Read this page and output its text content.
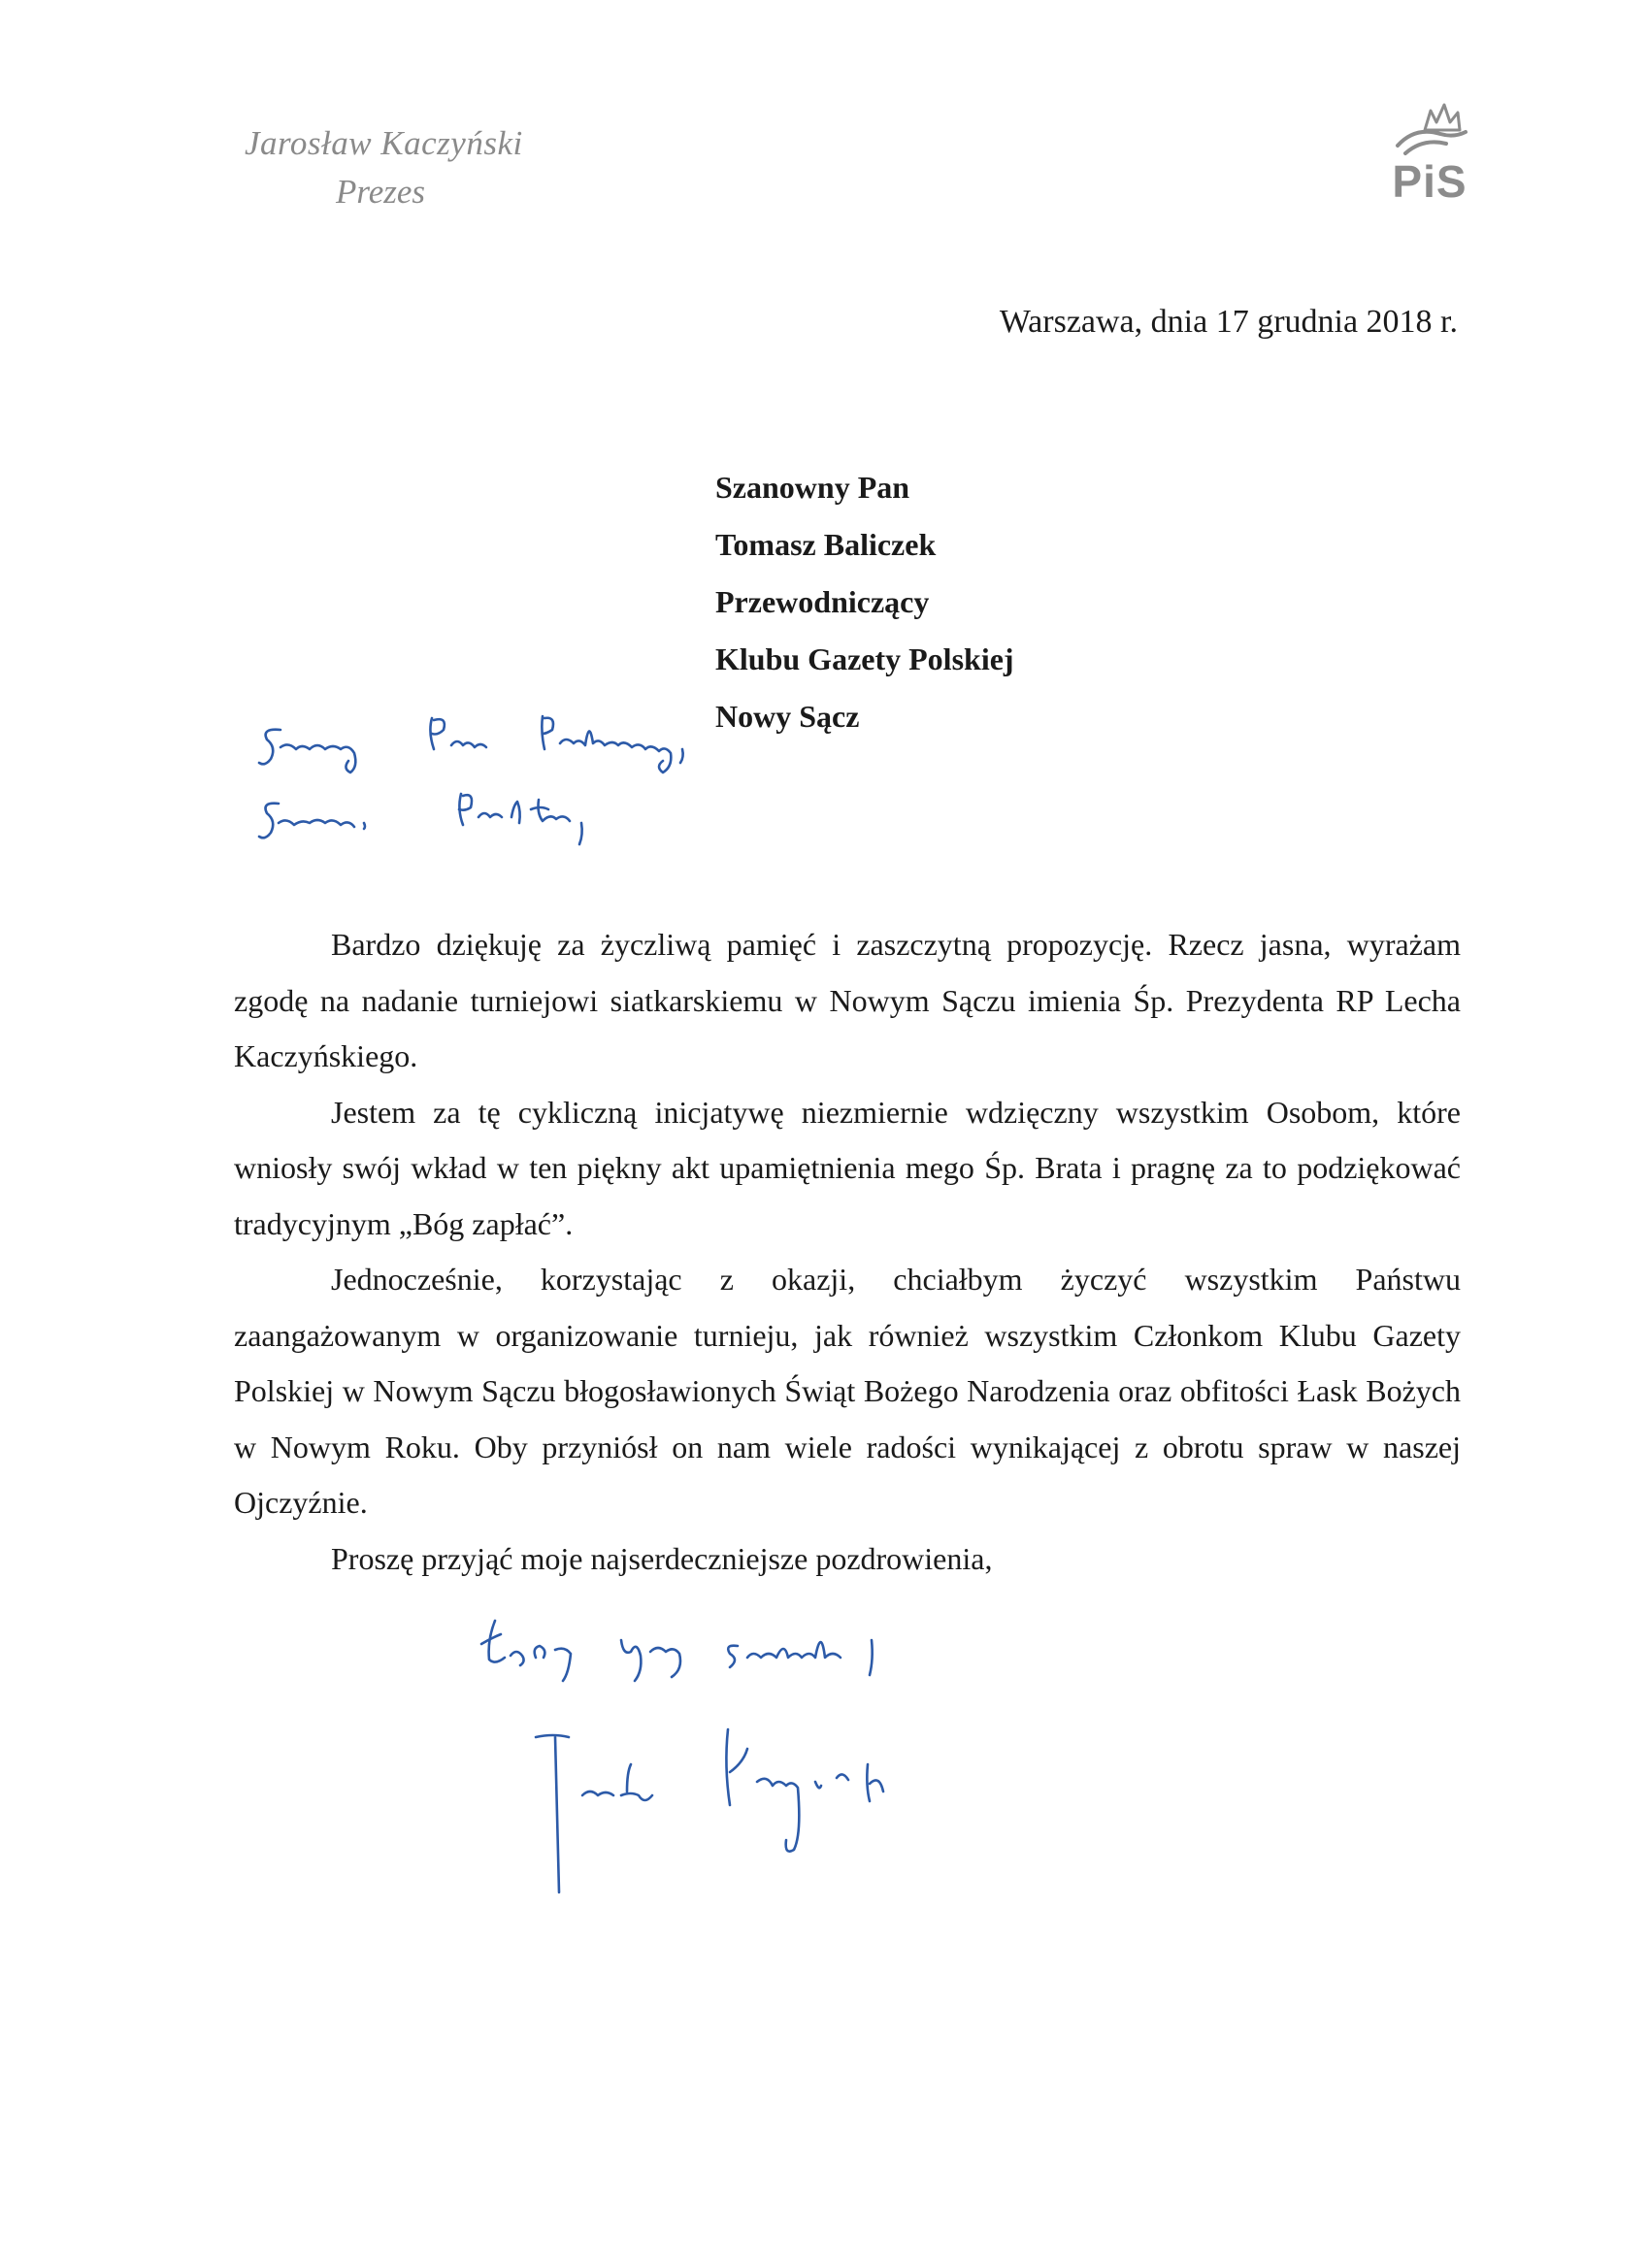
Jarosław Kaczyński
Prezes	PiS
Warszawa, dnia 17 grudnia 2018 r.
Szanowny Pan
Tomasz Baliczek
Przewodniczący
Klubu Gazety Polskiej
Nowy Sącz

Bardzo dziękuję za życzliwą pamięć i zaszczytną propozycję. Rzecz jasna, wyrażam zgodę na nadanie turniejowi siatkarskiemu w Nowym Sączu imienia Śp. Prezydenta RP Lecha Kaczyńskiego.

Jestem za tę cykliczną inicjatywę niezmiernie wdzięczny wszystkim Osobom, które wniosły swój wkład w ten piękny akt upamiętnienia mego Śp. Brata i pragnę za to podziękować tradycyjnym „Bóg zapłać”.

Jednocześnie, korzystając z okazji, chciałbym życzyć wszystkim Państwu zaangażowanym w organizowanie turnieju, jak również wszystkim Członkom Klubu Gazety Polskiej w Nowym Sączu błogosławionych Świąt Bożego Narodzenia oraz obfitości Łask Bożych w Nowym Roku. Oby przyniósł on nam wiele radości wynikającej z obrotu spraw w naszej Ojczyźnie.

Proszę przyjąć moje najserdeczniejsze pozdrowienia,
